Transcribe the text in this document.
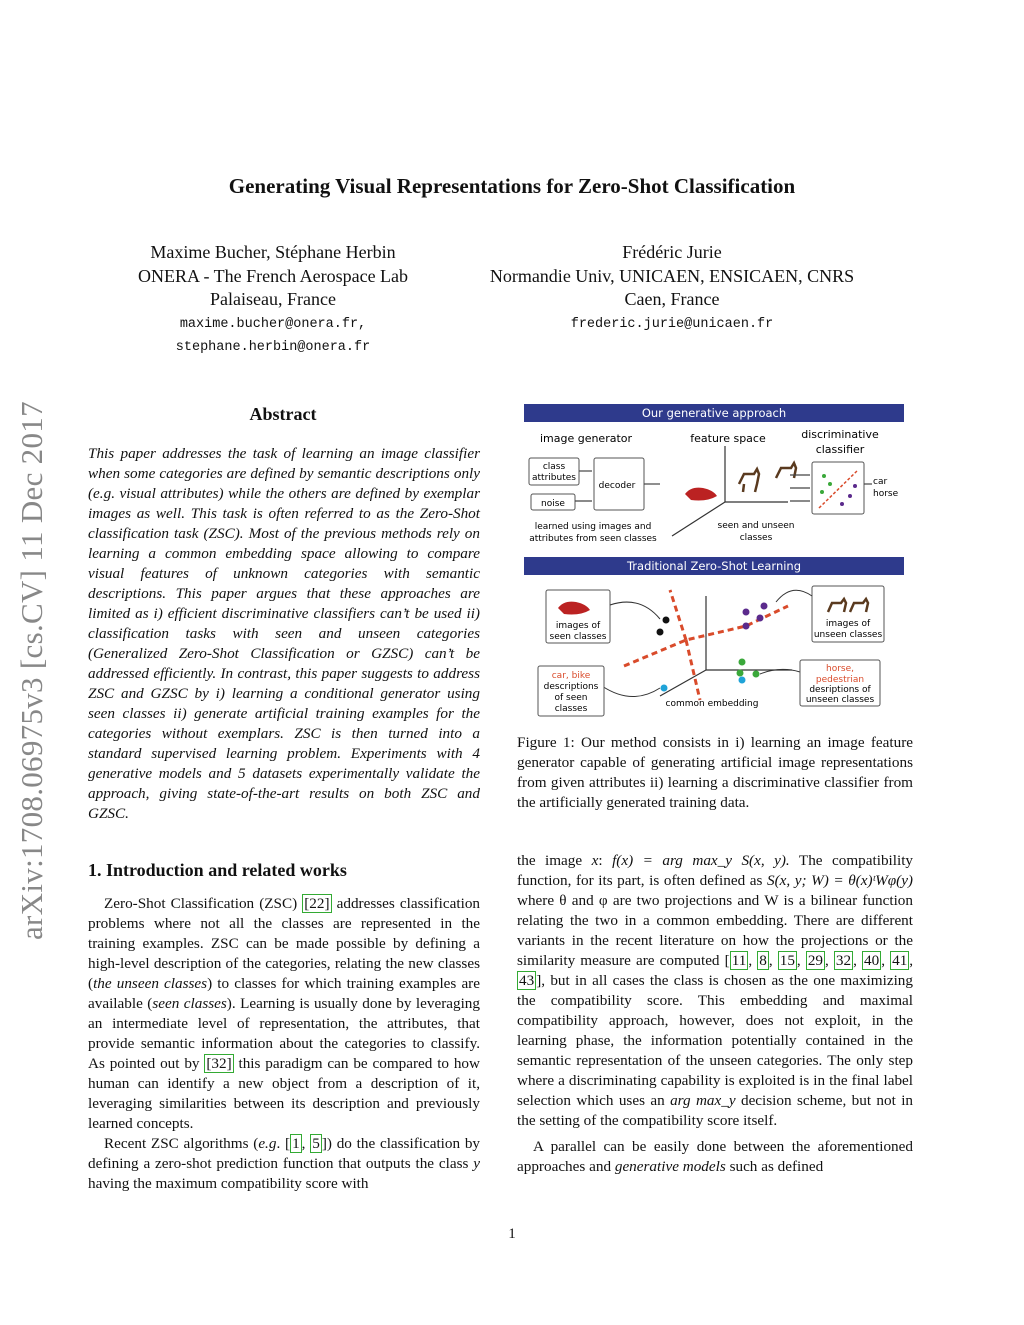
Generating Visual Representations for Zero-Shot Classification
Maxime Bucher, Stéphane Herbin
ONERA - The French Aerospace Lab
Palaiseau, France
maxime.bucher@onera.fr,
stephane.herbin@onera.fr
Frédéric Jurie
Normandie Univ, UNICAEN, ENSICAEN, CNRS
Caen, France
frederic.jurie@unicaen.fr
arXiv:1708.06975v3 [cs.CV] 11 Dec 2017	Abstract
This paper addresses the task of learning an image classifier when some categories are defined by semantic descriptions only (e.g. visual attributes) while the others are defined by exemplar images as well. This task is often referred to as the Zero-Shot classification task (ZSC). Most of the previous methods rely on learning a common embedding space allowing to compare visual features of unknown categories with semantic descriptions. This paper argues that these approaches are limited as i) efficient discriminative classifiers can’t be used ii) classification tasks with seen and unseen categories (Generalized Zero-Shot Classification or GZSC) can’t be addressed efficiently. In contrast, this paper suggests to address ZSC and GZSC by i) learning a conditional generator using seen classes ii) generate artificial training examples for the categories without exemplars. ZSC is then turned into a standard supervised learning problem. Experiments with 4 generative models and 5 datasets experimentally validate the approach, giving state-of-the-art results on both ZSC and GZSC.
1. Introduction and related works

Zero-Shot Classification (ZSC) [22] addresses classification problems where not all the classes are represented in the training examples. ZSC can be made possible by defining a high-level description of the categories, relating the new classes (the unseen classes) to classes for which training examples are available (seen classes). Learning is usually done by leveraging an intermediate level of representation, the attributes, that provide semantic information about the categories to classify. As pointed out by [32] this paradigm can be compared to how human can identify a new object from a description of it, leveraging similarities between its description and previously learned concepts.

Recent ZSC algorithms (e.g. [ 1 , 5 ]) do the classification by defining a zero-shot prediction function that outputs the class y having the maximum compatibility score with

Our generative approach
image generator	feature space	discriminative
classifier
class
attributes
noise
decoder	car
horse
learned using images and
attributes from seen classes
seen and unseen
classes
Traditional Zero-Shot Learning
images of
seen classes
images of
unseen classes
car, bike
descriptions
of seen
classes
horse,
pedestrian
desriptions of
unseen classes
common embedding
Figure 1: Our method consists in i) learning an image feature generator capable of generating artificial image representations from given attributes ii) learning a discriminative classifier from the artificially generated training data.

the image x: f(x) = arg max_y S(x, y). The compatibility function, for its part, is often defined as S(x, y; W) = θ(x)ᵗWφ(y) where θ and φ are two projections and W is a bilinear function relating the two in a common embedding. There are different variants in the recent literature on how the projections or the similarity measure are computed [ 11 , 8 , 15 , 29 , 32 , 40 , 41 , 43 ], but in all cases the class is chosen as the one maximizing the compatibility score. This embedding and maximal compatibility approach, however, does not exploit, in the learning phase, the information potentially contained in the semantic representation of the unseen categories. The only step where a discriminating capability is exploited is in the final label selection which uses an arg max_y decision scheme, but not in the setting of the compatibility score itself.

A parallel can be easily done between the aforementioned approaches and generative models such as defined

1
